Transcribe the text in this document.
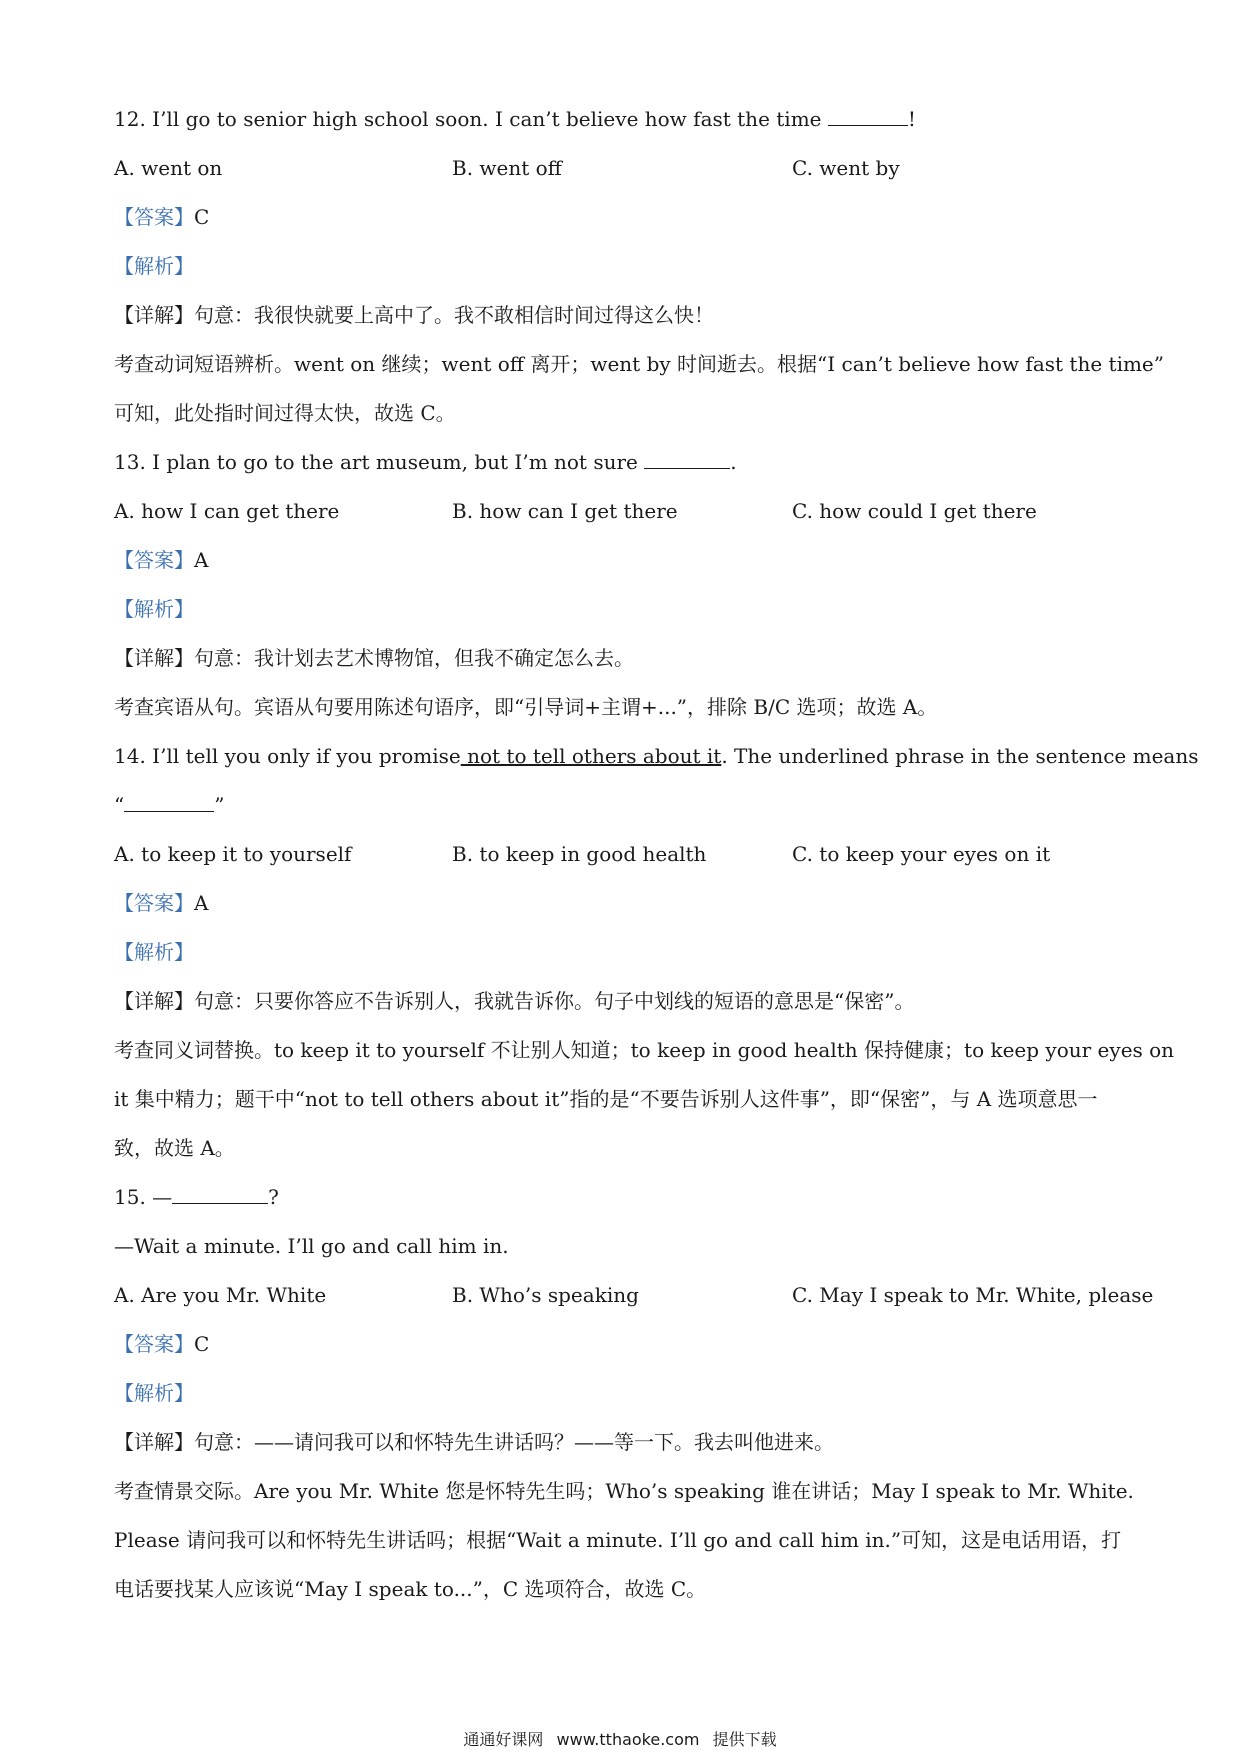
12. I’ll go to senior high school soon. I can’t believe how fast the time	!
A. went on	B. went off	C. went by
【答案】C
【解析】
【详解】句意：我很快就要上高中了。我不敢相信时间过得这么快！
考查动词短语辨析。went on 继续；went off 离开；went by 时间逝去。根据“I can’t believe how fast the time”
可知，此处指时间过得太快，故选 C。
13. I plan to go to the art museum, but I’m not sure	.
A. how I can get there	B. how can I get there	C. how could I get there
【答案】A
【解析】
【详解】句意：我计划去艺术博物馆，但我不确定怎么去。
考查宾语从句。宾语从句要用陈述句语序，即“引导词+主谓+...”，排除 B/C 选项；故选 A。
14. I’ll tell you only if you promise not to tell others about it. The underlined phrase in the sentence means
“	”
A. to keep it to yourself	B. to keep in good health	C. to keep your eyes on it
【答案】A
【解析】
【详解】句意：只要你答应不告诉别人，我就告诉你。句子中划线的短语的意思是“保密”。
考查同义词替换。to keep it to yourself 不让别人知道；to keep in good health 保持健康；to keep your eyes on
it 集中精力；题干中“not to tell others about it”指的是“不要告诉别人这件事”，即“保密”，与 A 选项意思一
致，故选 A。
15. —	?
—Wait a minute. I’ll go and call him in.
A. Are you Mr. White	B. Who’s speaking	C. May I speak to Mr. White, please
【答案】C
【解析】
【详解】句意：——请问我可以和怀特先生讲话吗？——等一下。我去叫他进来。
考查情景交际。Are you Mr. White 您是怀特先生吗；Who’s speaking 谁在讲话；May I speak to Mr. White.
Please 请问我可以和怀特先生讲话吗；根据“Wait a minute. I’ll go and call him in.”可知，这是电话用语，打
电话要找某人应该说“May I speak to...”，C 选项符合，故选 C。
通通好课网 www.tthaoke.com 提供下载
